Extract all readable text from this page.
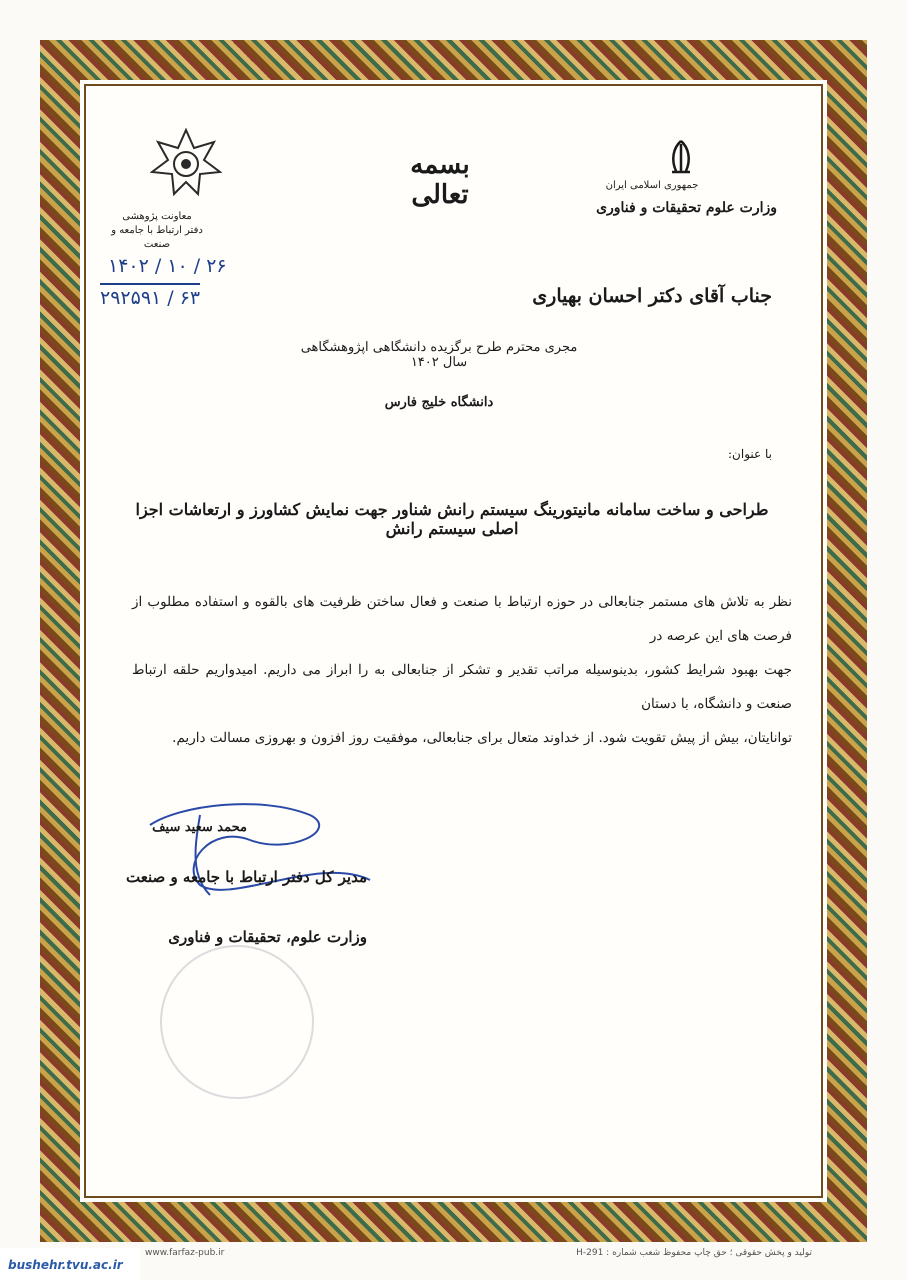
معاونت پژوهشی
دفتر ارتباط با جامعه و صنعت
۱۴۰۲ / ۱۰ / ۲۶
۲۹۲۵۹۱ / ۶۳
بسمه تعالی	جمهوری اسلامی ایران
وزارت علوم تحقیقات و فناوری
جناب آقای دکتر احسان بهیاری
مجری محترم طرح برگزیده دانشگاهی اپژوهشگاهی سال ۱۴۰۲
دانشگاه خلیج فارس
با عنوان:
طراحی و ساخت سامانه مانیتورینگ سیستم رانش شناور جهت نمایش کشاورز و ارتعاشات اجزا اصلی سیستم رانش
نظر به تلاش های مستمر جنابعالی در حوزه ارتباط با صنعت و فعال ساختن ظرفیت های بالقوه و استفاده مطلوب از فرصت های این عرصه در
جهت بهبود شرایط کشور، بدینوسیله مراتب تقدیر و تشکر از جنابعالی به را ابراز می داریم. امیدواریم حلقه ارتباط صنعت و دانشگاه، با دستان
توانایتان، بیش از پیش تقویت شود. از خداوند متعال برای جنابعالی، موفقیت روز افزون و بهروزی مسالت داریم.
محمد سعید سیف
مدیر کل دفتر ارتباط با جامعه و صنعت
وزارت علوم، تحقیقات و فناوری
www.farfaz-pub.ir	تولید و پخش حقوقی ؛ حق چاپ محفوظ شعب شماره : H-291
bushehr.tvu.ac.ir
